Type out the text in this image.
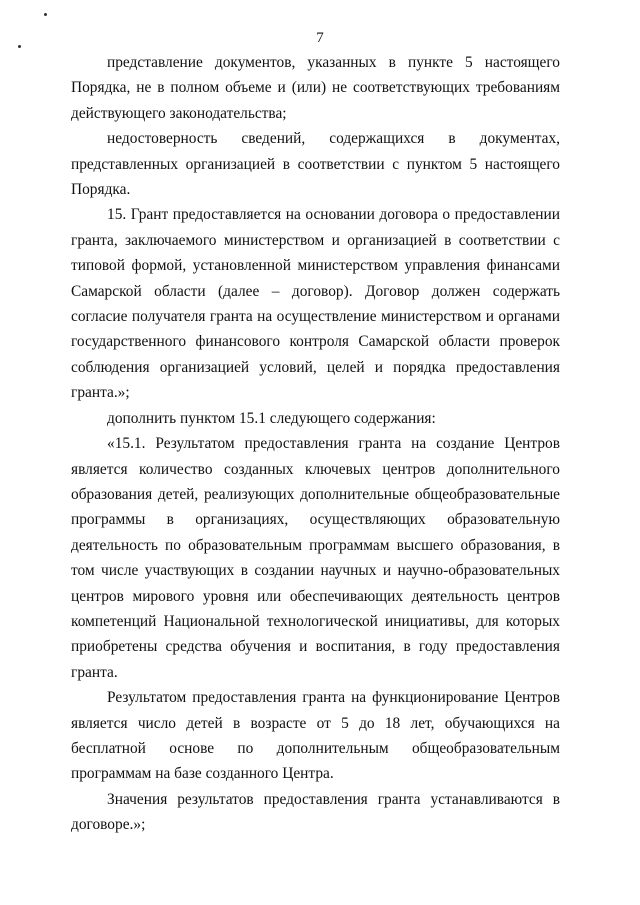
7

представление документов, указанных в пункте 5 настоящего Порядка, не в полном объеме и (или) не соответствующих требованиям действующего законодательства;

недостоверность сведений, содержащихся в документах, представленных организацией в соответствии с пунктом 5 настоящего Порядка.

15. Грант предоставляется на основании договора о предоставлении гранта, заключаемого министерством и организацией в соответствии с типовой формой, установленной министерством управления финансами Самарской области (далее – договор). Договор должен содержать согласие получателя гранта на осуществление министерством и органами государственного финансового контроля Самарской области проверок соблюдения организацией условий, целей и порядка предоставления гранта.»;

дополнить пунктом 15.1 следующего содержания:

«15.1. Результатом предоставления гранта на создание Центров является количество созданных ключевых центров дополнительного образования детей, реализующих дополнительные общеобразовательные программы в организациях, осуществляющих образовательную деятельность по образовательным программам высшего образования, в том числе участвующих в создании научных и научно-образовательных центров мирового уровня или обеспечивающих деятельность центров компетенций Национальной технологической инициативы, для которых приобретены средства обучения и воспитания, в году предоставления гранта.

Результатом предоставления гранта на функционирование Центров является число детей в возрасте от 5 до 18 лет, обучающихся на бесплатной основе по дополнительным общеобразовательным программам на базе созданного Центра.

Значения результатов предоставления гранта устанавливаются в договоре.»;
